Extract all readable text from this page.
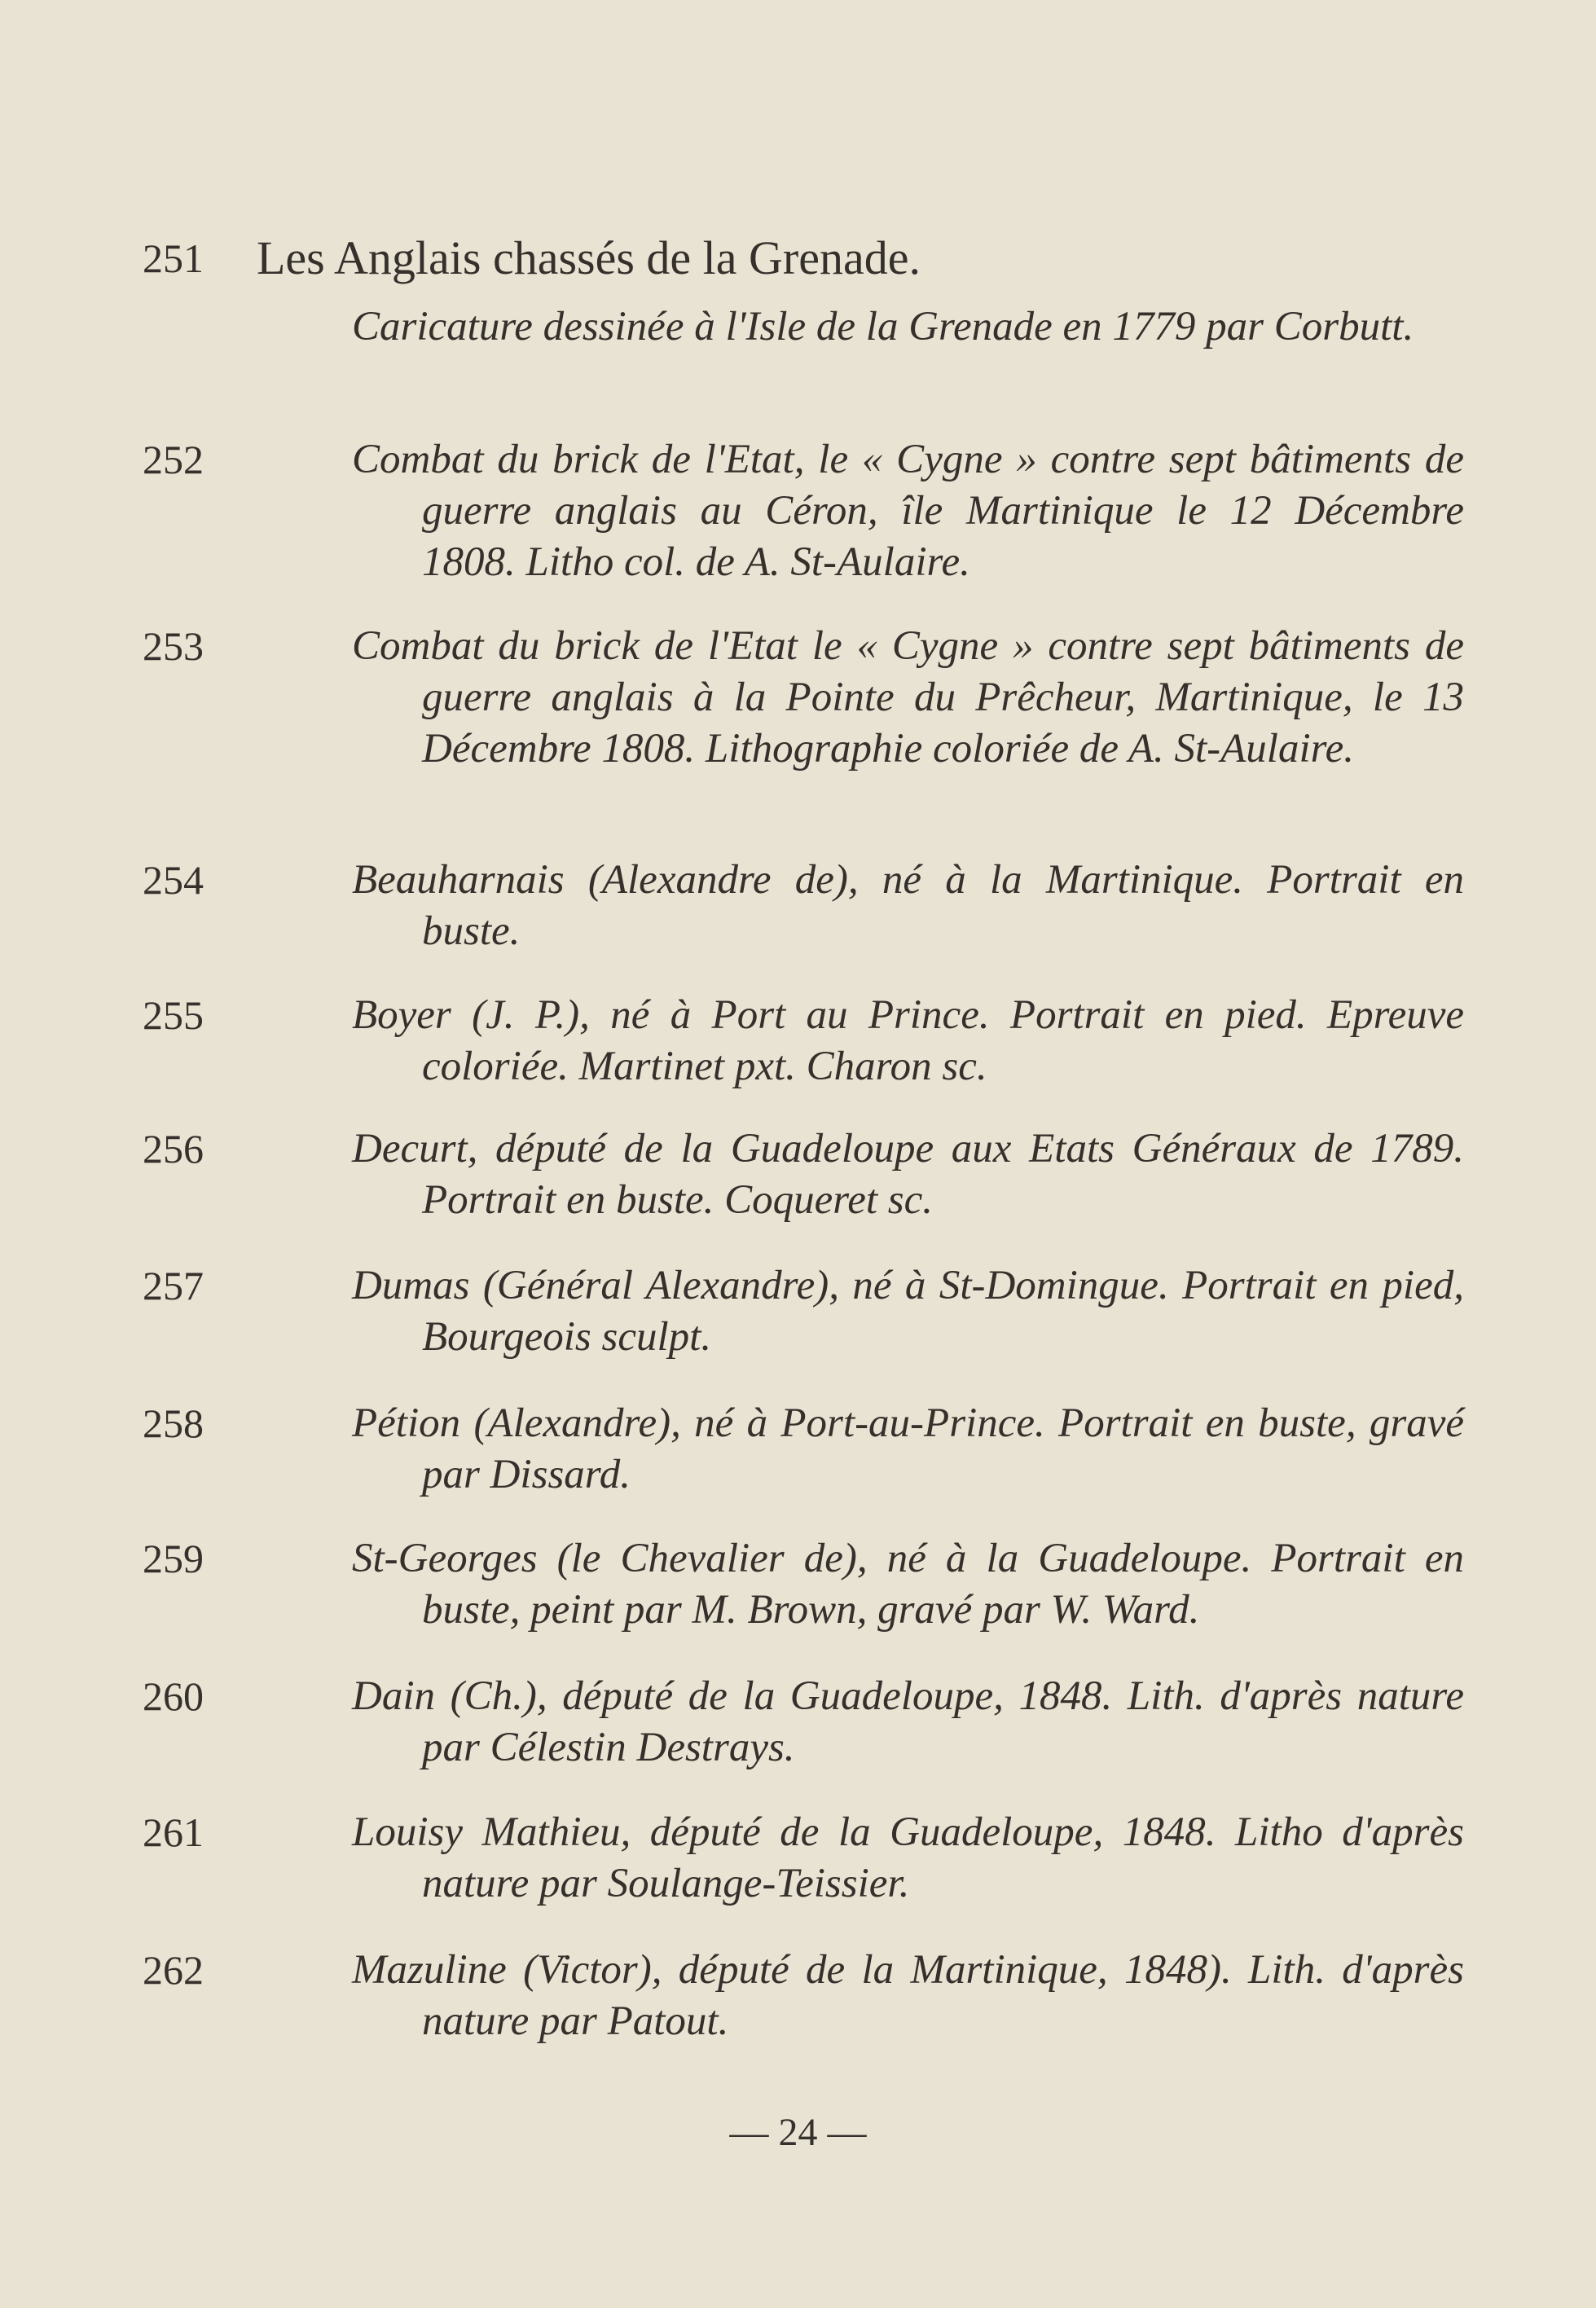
251 Les Anglais chassés de la Grenade.
Caricature dessinée à l'Isle de la Grenade en 1779 par Corbutt.
252	Combat du brick de l'Etat, le « Cygne » contre sept bâtiments de guerre anglais au Céron, île Martinique le 12 Décembre 1808. Litho col. de A. St-Aulaire.
253	Combat du brick de l'Etat le « Cygne » contre sept bâtiments de guerre anglais à la Pointe du Prêcheur, Martinique, le 13 Décembre 1808. Lithographie coloriée de A. St-Aulaire.
254	Beauharnais (Alexandre de), né à la Martinique. Portrait en buste.
255	Boyer (J. P.), né à Port au Prince. Portrait en pied. Epreuve coloriée. Martinet pxt. Charon sc.
256	Decurt, député de la Guadeloupe aux Etats Généraux de 1789. Portrait en buste. Coqueret sc.
257	Dumas (Général Alexandre), né à St-Domingue. Portrait en pied, Bourgeois sculpt.
258	Pétion (Alexandre), né à Port-au-Prince. Portrait en buste, gravé par Dissard.
259	St-Georges (le Chevalier de), né à la Guadeloupe. Portrait en buste, peint par M. Brown, gravé par W. Ward.
260	Dain (Ch.), député de la Guadeloupe, 1848. Lith. d'après nature par Célestin Destrays.
261	Louisy Mathieu, député de la Guadeloupe, 1848. Litho d'après nature par Soulange-Teissier.
262	Mazuline (Victor), député de la Martinique, 1848). Lith. d'après nature par Patout.
— 24 —
